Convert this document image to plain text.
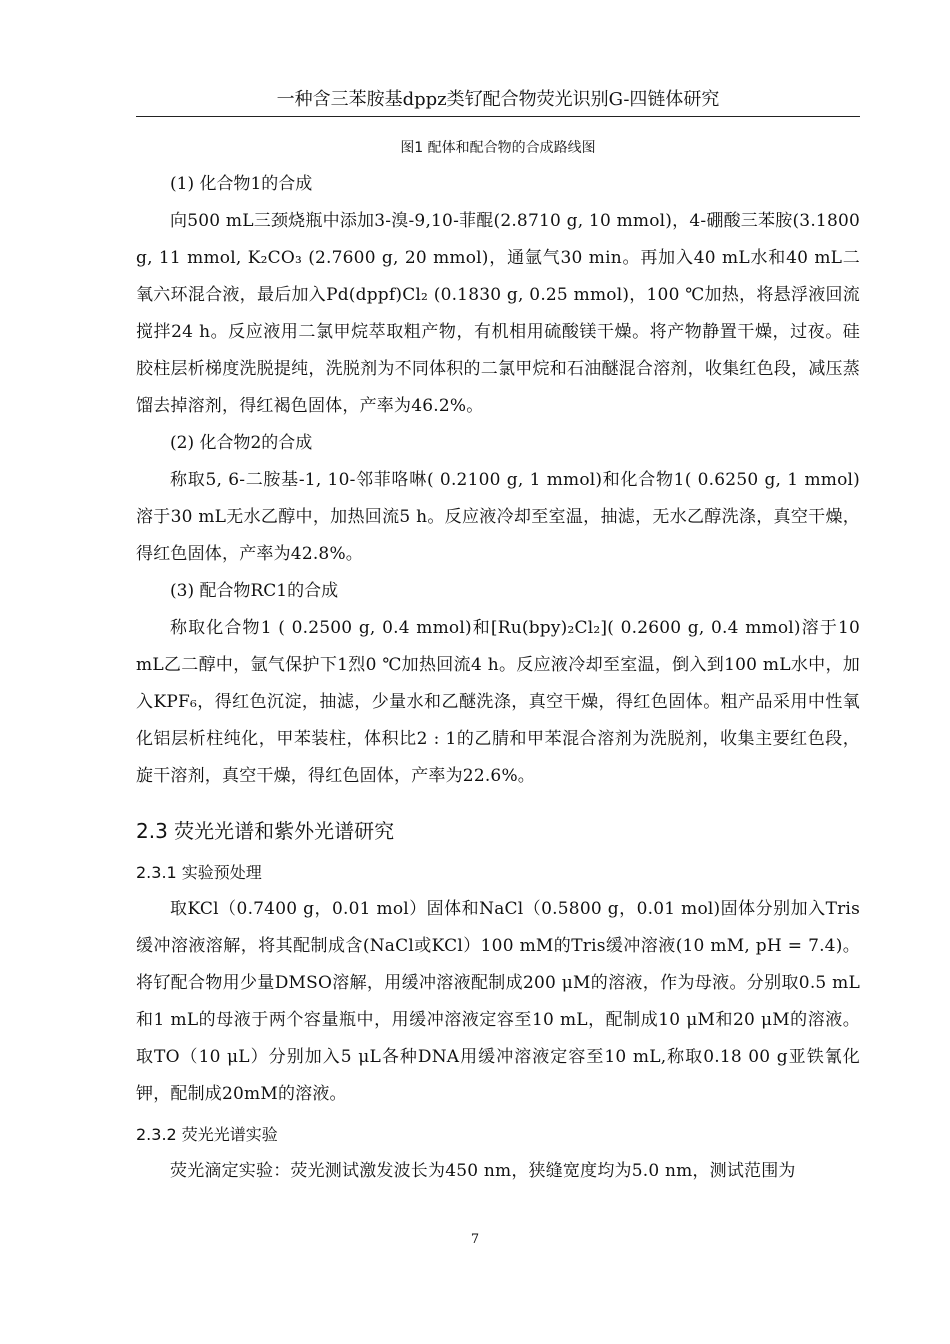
一种含三苯胺基dppz类钌配合物荧光识别G-四链体研究
图1 配体和配合物的合成路线图

(1) 化合物1的合成

向500 mL三颈烧瓶中添加3-溴-9,10-菲醌(2.8710 g, 10 mmol)，4-硼酸三苯胺(3.1800 g, 11 mmol, K₂CO₃ (2.7600 g, 20 mmol)，通氩气30 min。再加入40 mL水和40 mL二氧六环混合液，最后加入Pd(dppf)Cl₂ (0.1830 g, 0.25 mmol)，100 ℃加热，将悬浮液回流搅拌24 h。反应液用二氯甲烷萃取粗产物，有机相用硫酸镁干燥。将产物静置干燥，过夜。硅胶柱层析梯度洗脱提纯，洗脱剂为不同体积的二氯甲烷和石油醚混合溶剂，收集红色段，减压蒸馏去掉溶剂，得红褐色固体，产率为46.2%。

(2) 化合物2的合成

称取5, 6-二胺基-1, 10-邻菲咯啉( 0.2100 g, 1 mmol)和化合物1( 0.6250 g, 1 mmol)溶于30 mL无水乙醇中，加热回流5 h。反应液冷却至室温，抽滤，无水乙醇洗涤，真空干燥，得红色固体，产率为42.8%。

(3) 配合物RC1的合成

称取化合物1 ( 0.2500 g, 0.4 mmol)和[Ru(bpy)₂Cl₂]( 0.2600 g, 0.4 mmol)溶于10 mL乙二醇中，氩气保护下1烈0 ℃加热回流4 h。反应液冷却至室温，倒入到100 mL水中，加入KPF₆，得红色沉淀，抽滤，少量水和乙醚洗涤，真空干燥，得红色固体。粗产品采用中性氧化铝层析柱纯化，甲苯装柱，体积比2 : 1的乙腈和甲苯混合溶剂为洗脱剂，收集主要红色段，旋干溶剂，真空干燥，得红色固体，产率为22.6%。

2.3 荧光光谱和紫外光谱研究
2.3.1 实验预处理

取KCl（0.7400 g，0.01 mol）固体和NaCl（0.5800 g，0.01 mol)固体分别加入Tris缓冲溶液溶解，将其配制成含(NaCl或KCl）100 mM的Tris缓冲溶液(10 mM, pH = 7.4)。将钌配合物用少量DMSO溶解，用缓冲溶液配制成200 μM的溶液，作为母液。分别取0.5 mL和1 mL的母液于两个容量瓶中，用缓冲溶液定容至10 mL，配制成10 μM和20 μM的溶液。取TO（10 μL）分别加入5 μL各种DNA用缓冲溶液定容至10 mL,称取0.18 00 g亚铁氰化钾，配制成20mM的溶液。

2.3.2 荧光光谱实验

荧光滴定实验：荧光测试激发波长为450 nm，狭缝宽度均为5.0 nm，测试范围为

7
